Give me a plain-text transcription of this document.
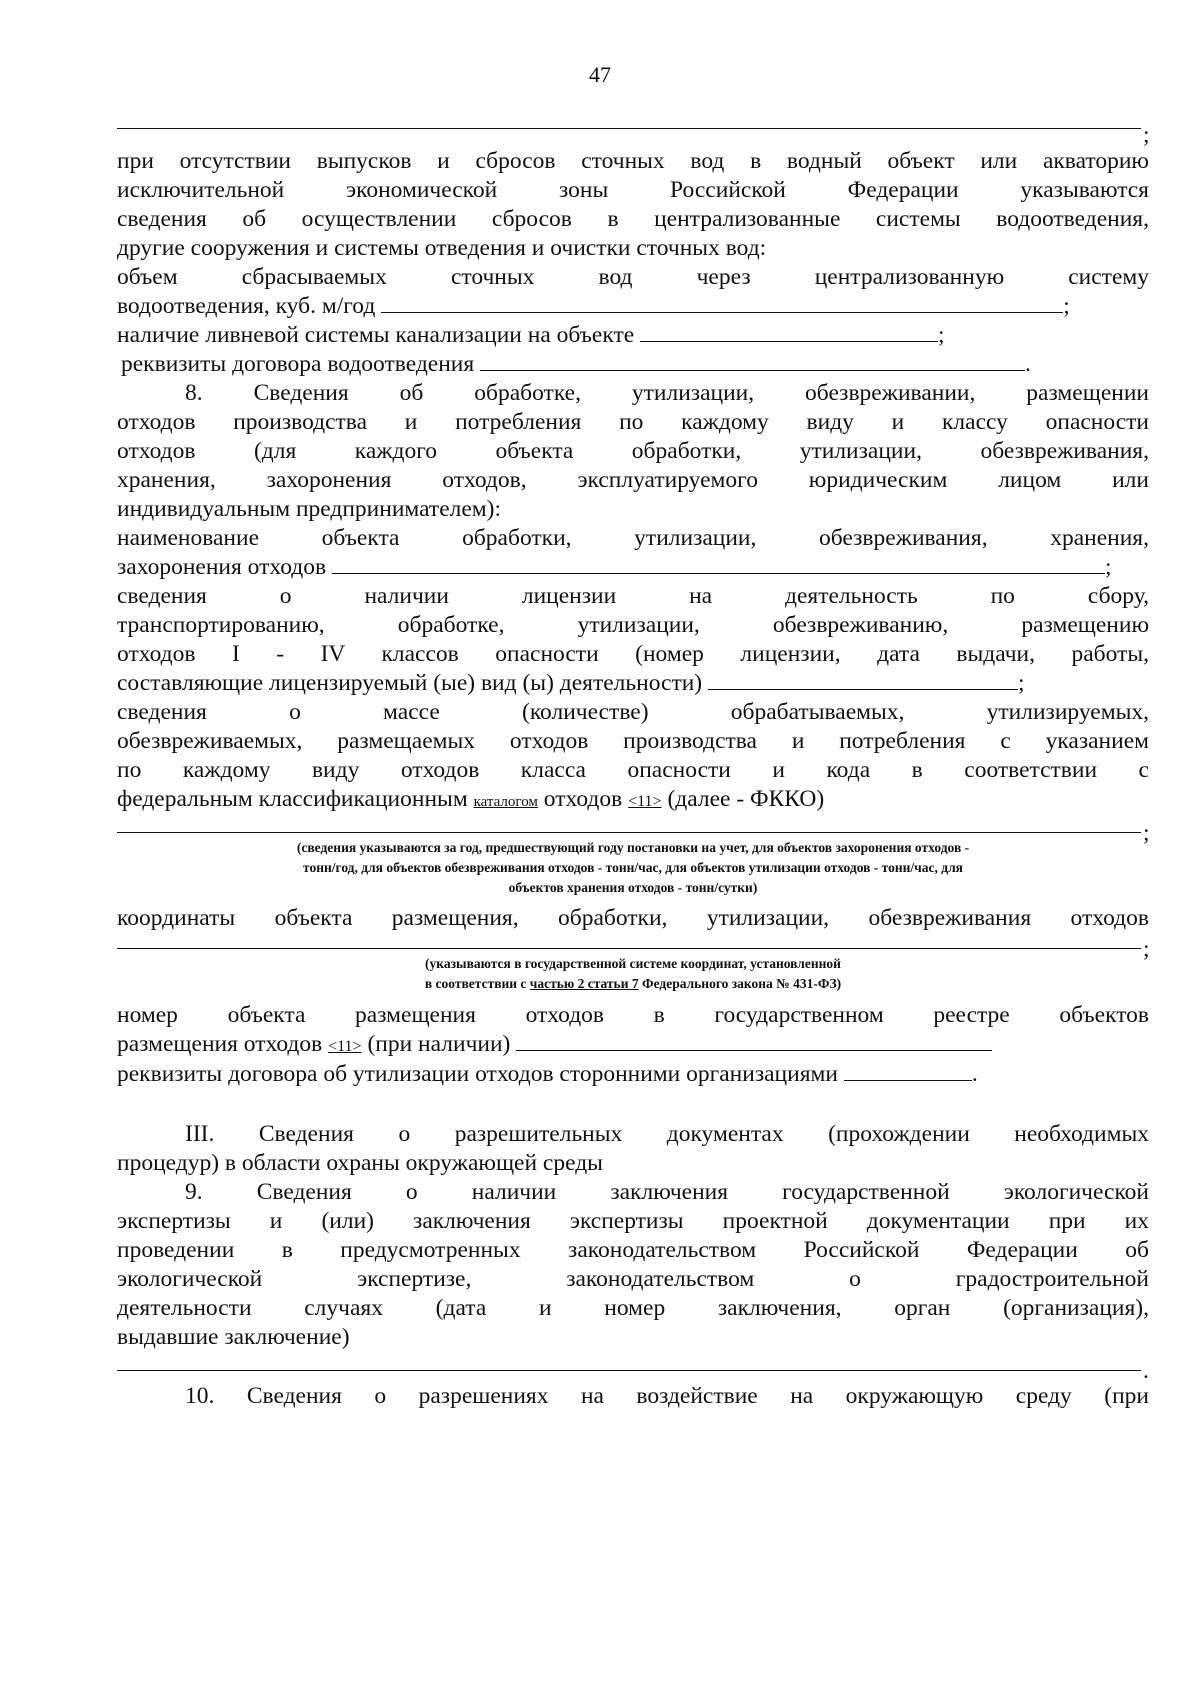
47
;
при отсутствии выпусков и сбросов сточных вод в водный объект или акваторию
исключительной экономической зоны Российской Федерации указываются
сведения об осуществлении сбросов в централизованные системы водоотведения,
другие сооружения и системы отведения и очистки сточных вод:
объем сбрасываемых сточных вод через централизованную систему
водоотведения, куб. м/год	;
наличие ливневой системы канализации на объекте	;
реквизиты договора водоотведения	.
8. Сведения об обработке, утилизации, обезвреживании, размещении
отходов производства и потребления по каждому виду и классу опасности
отходов (для каждого объекта обработки, утилизации, обезвреживания,
хранения, захоронения отходов, эксплуатируемого юридическим лицом или
индивидуальным предпринимателем):
наименование объекта обработки, утилизации, обезвреживания, хранения,
захоронения отходов	;
сведения о наличии лицензии на деятельность по сбору,
транспортированию, обработке, утилизации, обезвреживанию, размещению
отходов I - IV классов опасности (номер лицензии, дата выдачи, работы,
составляющие лицензируемый (ые) вид (ы) деятельности)	;
сведения о массе (количестве) обрабатываемых, утилизируемых,
обезвреживаемых, размещаемых отходов производства и потребления с указанием
по каждому виду отходов класса опасности и кода в соответствии с
федеральным классификационным каталогом отходов <11> (далее - ФККО)
;
(сведения указываются за год, предшествующий году постановки на учет, для объектов захоронения отходов -
тонн/год, для объектов обезвреживания отходов - тонн/час, для объектов утилизации отходов - тонн/час, для
объектов хранения отходов - тонн/сутки)
координаты объекта размещения, обработки, утилизации, обезвреживания отходов
;
(указываются в государственной системе координат, установленной
в соответствии с частью 2 статьи 7 Федерального закона № 431-ФЗ)
номер объекта размещения отходов в государственном реестре объектов
размещения отходов <11> (при наличии)
реквизиты договора об утилизации отходов сторонними организациями	.
III. Сведения о разрешительных документах (прохождении необходимых
процедур) в области охраны окружающей среды
9. Сведения о наличии заключения государственной экологической
экспертизы и (или) заключения экспертизы проектной документации при их
проведении в предусмотренных законодательством Российской Федерации об
экологической экспертизе, законодательством о градостроительной
деятельности случаях (дата и номер заключения, орган (организация),
выдавшие заключение)
.
10. Сведения о разрешениях на воздействие на окружающую среду (при
